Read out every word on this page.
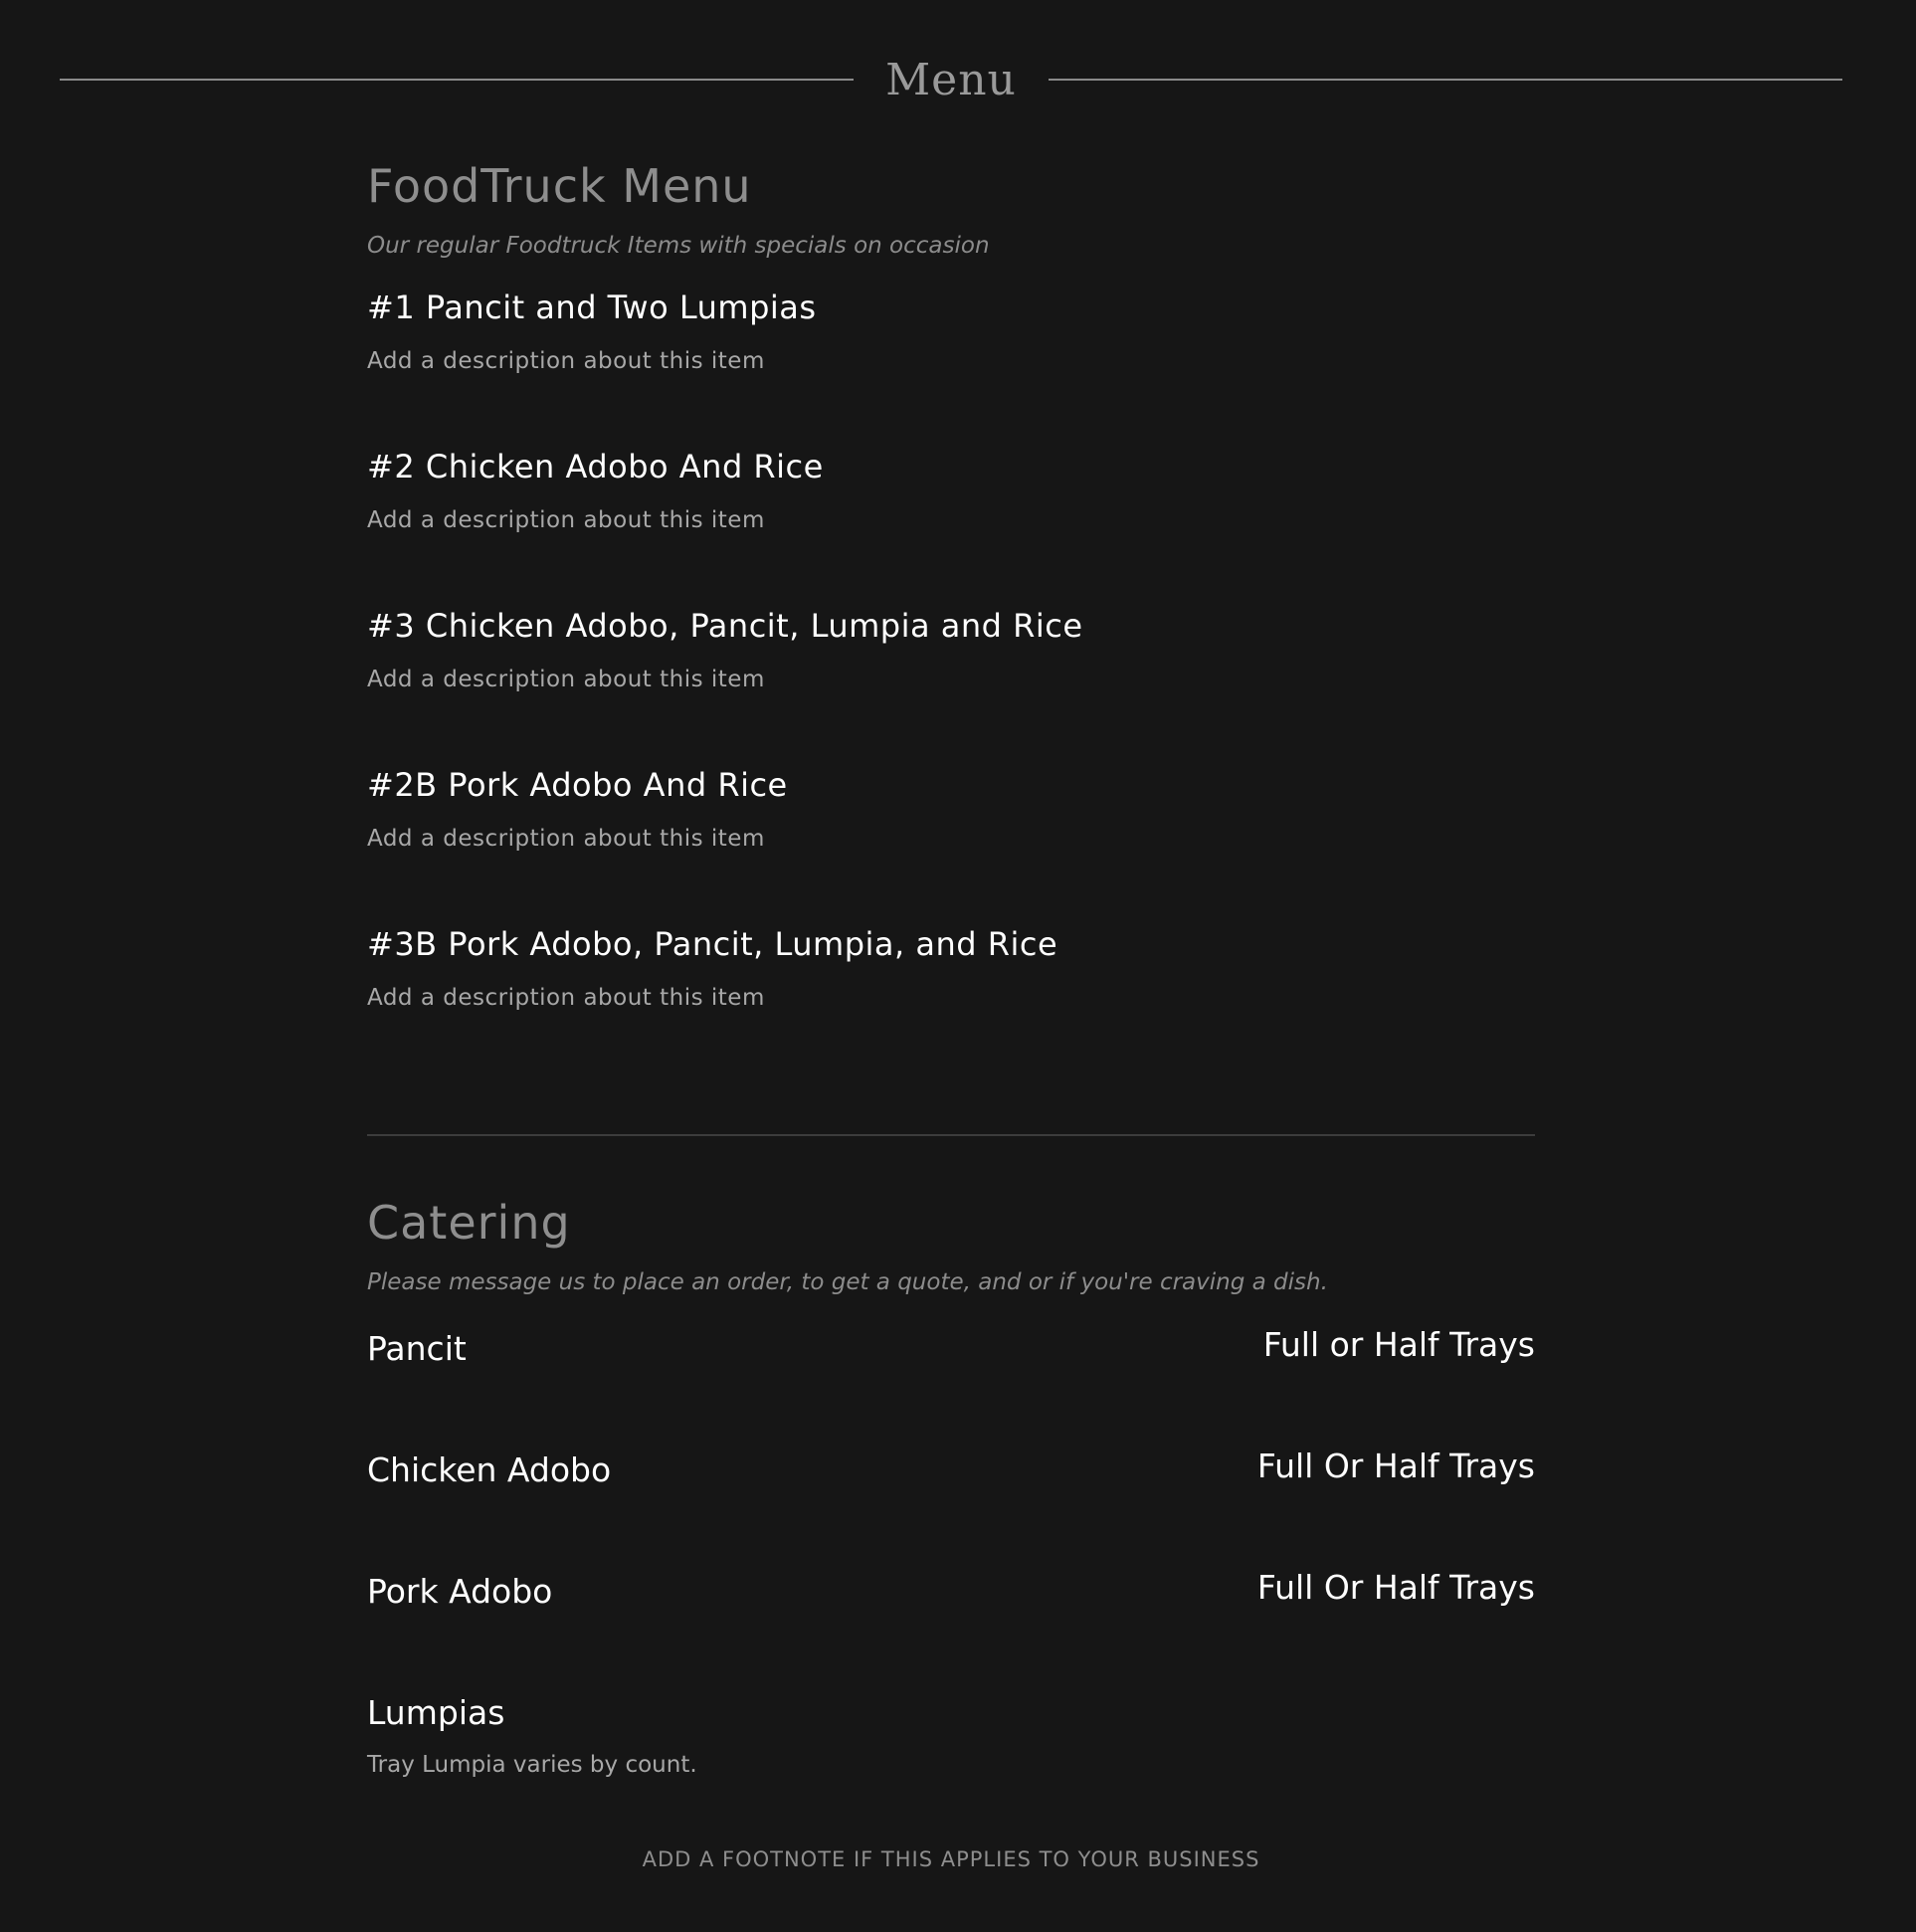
Menu
FoodTruck Menu

Our regular Foodtruck Items with specials on occasion

#1 Pancit and Two Lumpias
Add a description about this item
#2 Chicken Adobo And Rice
Add a description about this item
#3 Chicken Adobo, Pancit, Lumpia and Rice
Add a description about this item
#2B Pork Adobo And Rice
Add a description about this item
#3B Pork Adobo, Pancit, Lumpia, and Rice
Add a description about this item
Catering

Please message us to place an order, to get a quote, and or if you're craving a dish.

Pancit	Full or Half Trays
Chicken Adobo	Full Or Half Trays
Pork Adobo	Full Or Half Trays
Lumpias
Tray Lumpia varies by count.
ADD A FOOTNOTE IF THIS APPLIES TO YOUR BUSINESS
